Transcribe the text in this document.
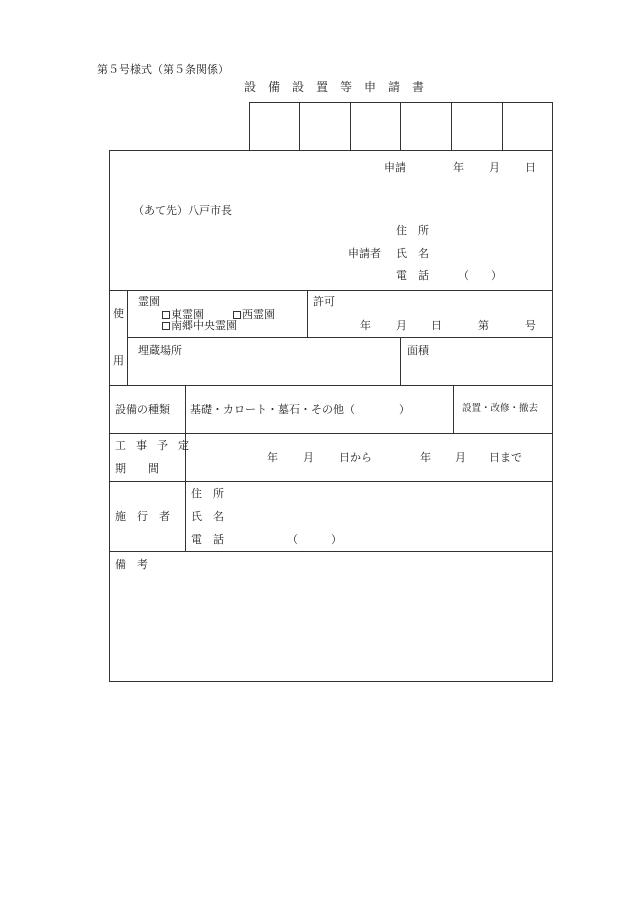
第５号様式（第５条関係）
設　備　設　置　等　申　請　書
申請	年 月 日
（あて先）八戸市長
住　所
申請者 氏　名
電　話	（　　）
使
用
霊園
東霊園	西霊園
南郷中央霊園
許可
年 月 日	第	号
埋蔵場所	面積
設備の種類 基礎・カロート・墓石・その他（　　　　）	設置・改修・撤去
工事予定
期　　間
年 月 日から	年 月 日まで
施　行　者
住　所
氏　名
電　話	（　　　）
備　考
